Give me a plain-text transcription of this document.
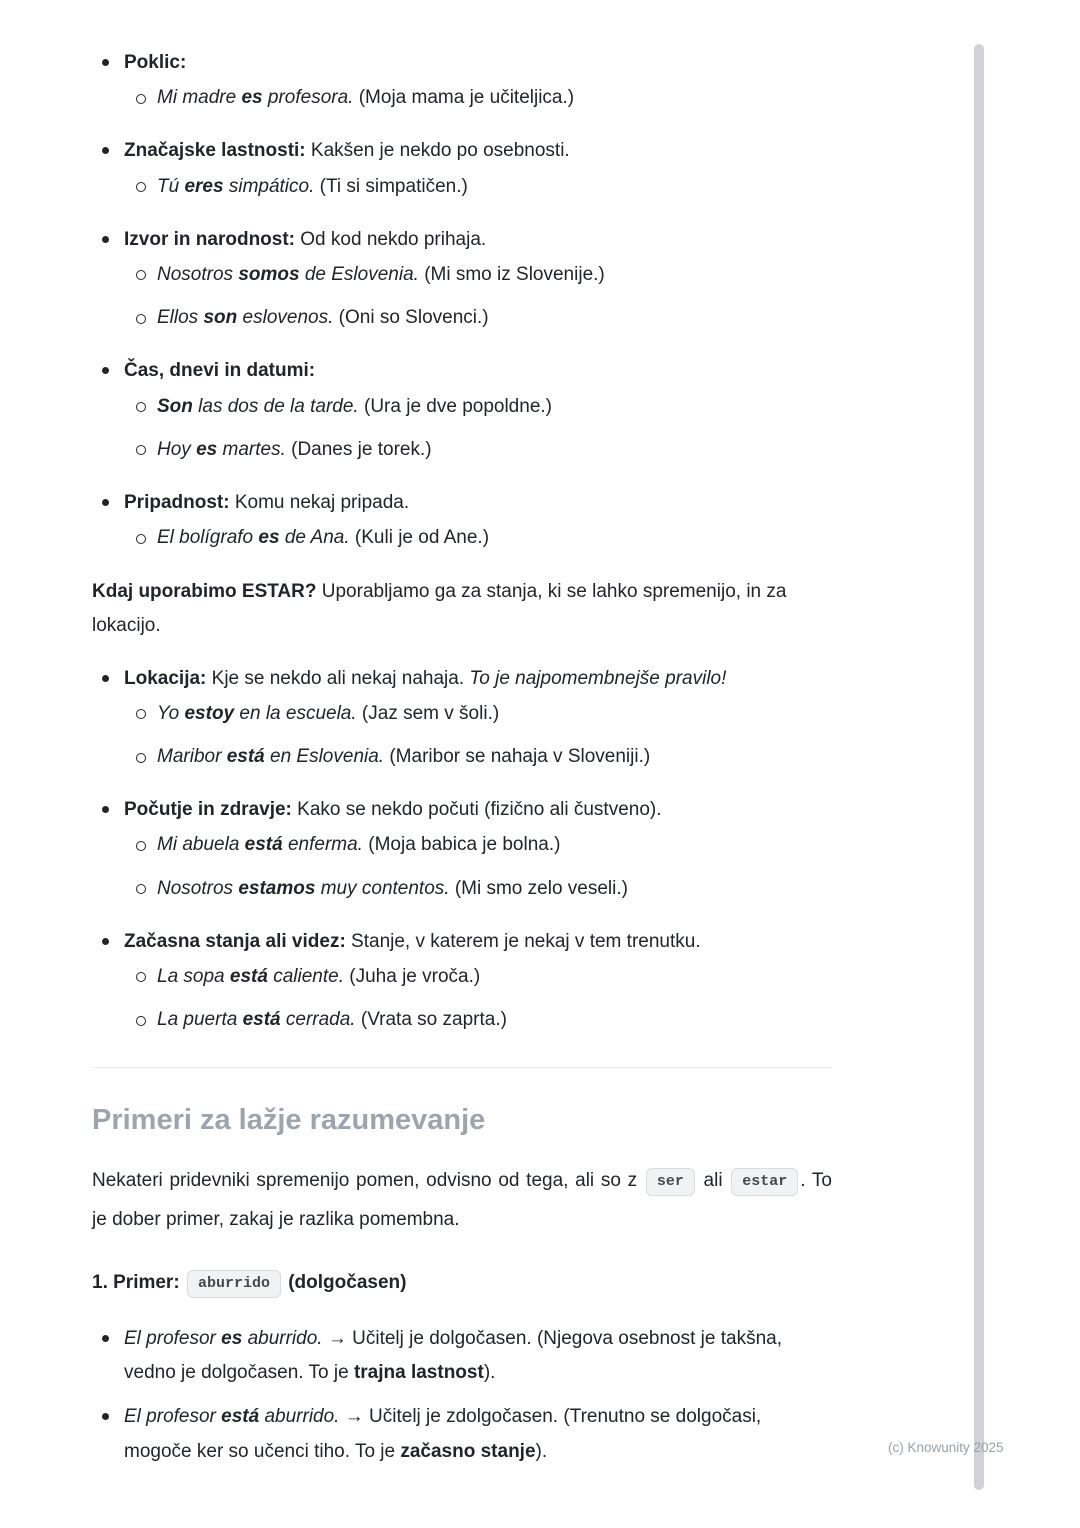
Poklic:
Mi madre es profesora. (Moja mama je učiteljica.)
Značajske lastnosti: Kakšen je nekdo po osebnosti.
Tú eres simpático. (Ti si simpatičen.)
Izvor in narodnost: Od kod nekdo prihaja.
Nosotros somos de Eslovenia. (Mi smo iz Slovenije.)
Ellos son eslovenos. (Oni so Slovenci.)
Čas, dnevi in datumi:
Son las dos de la tarde. (Ura je dve popoldne.)
Hoy es martes. (Danes je torek.)
Pripadnost: Komu nekaj pripada.
El bolígrafo es de Ana. (Kuli je od Ane.)

Kdaj uporabimo ESTAR? Uporabljamo ga za stanja, ki se lahko spremenijo, in za lokacijo.

Lokacija: Kje se nekdo ali nekaj nahaja. To je najpomembnejše pravilo!
Yo estoy en la escuela. (Jaz sem v šoli.)
Maribor está en Eslovenia. (Maribor se nahaja v Sloveniji.)
Počutje in zdravje: Kako se nekdo počuti (fizično ali čustveno).
Mi abuela está enferma. (Moja babica je bolna.)
Nosotros estamos muy contentos. (Mi smo zelo veseli.)
Začasna stanja ali videz: Stanje, v katerem je nekaj v tem trenutku.
La sopa está caliente. (Juha je vroča.)
La puerta está cerrada. (Vrata so zaprta.)
Primeri za lažje razumevanje

Nekateri pridevniki spremenijo pomen, odvisno od tega, ali so z ser ali estar . To je dober primer, zakaj je razlika pomembna.

1. Primer: aburrido (dolgočasen)

El profesor es aburrido. → Učitelj je dolgočasen. (Njegova osebnost je takšna, vedno je dolgočasen. To je trajna lastnost).
El profesor está aburrido. → Učitelj je zdolgočasen. (Trenutno se dolgočasi, mogoče ker so učenci tiho. To je začasno stanje).	(c) Knowunity 2025
